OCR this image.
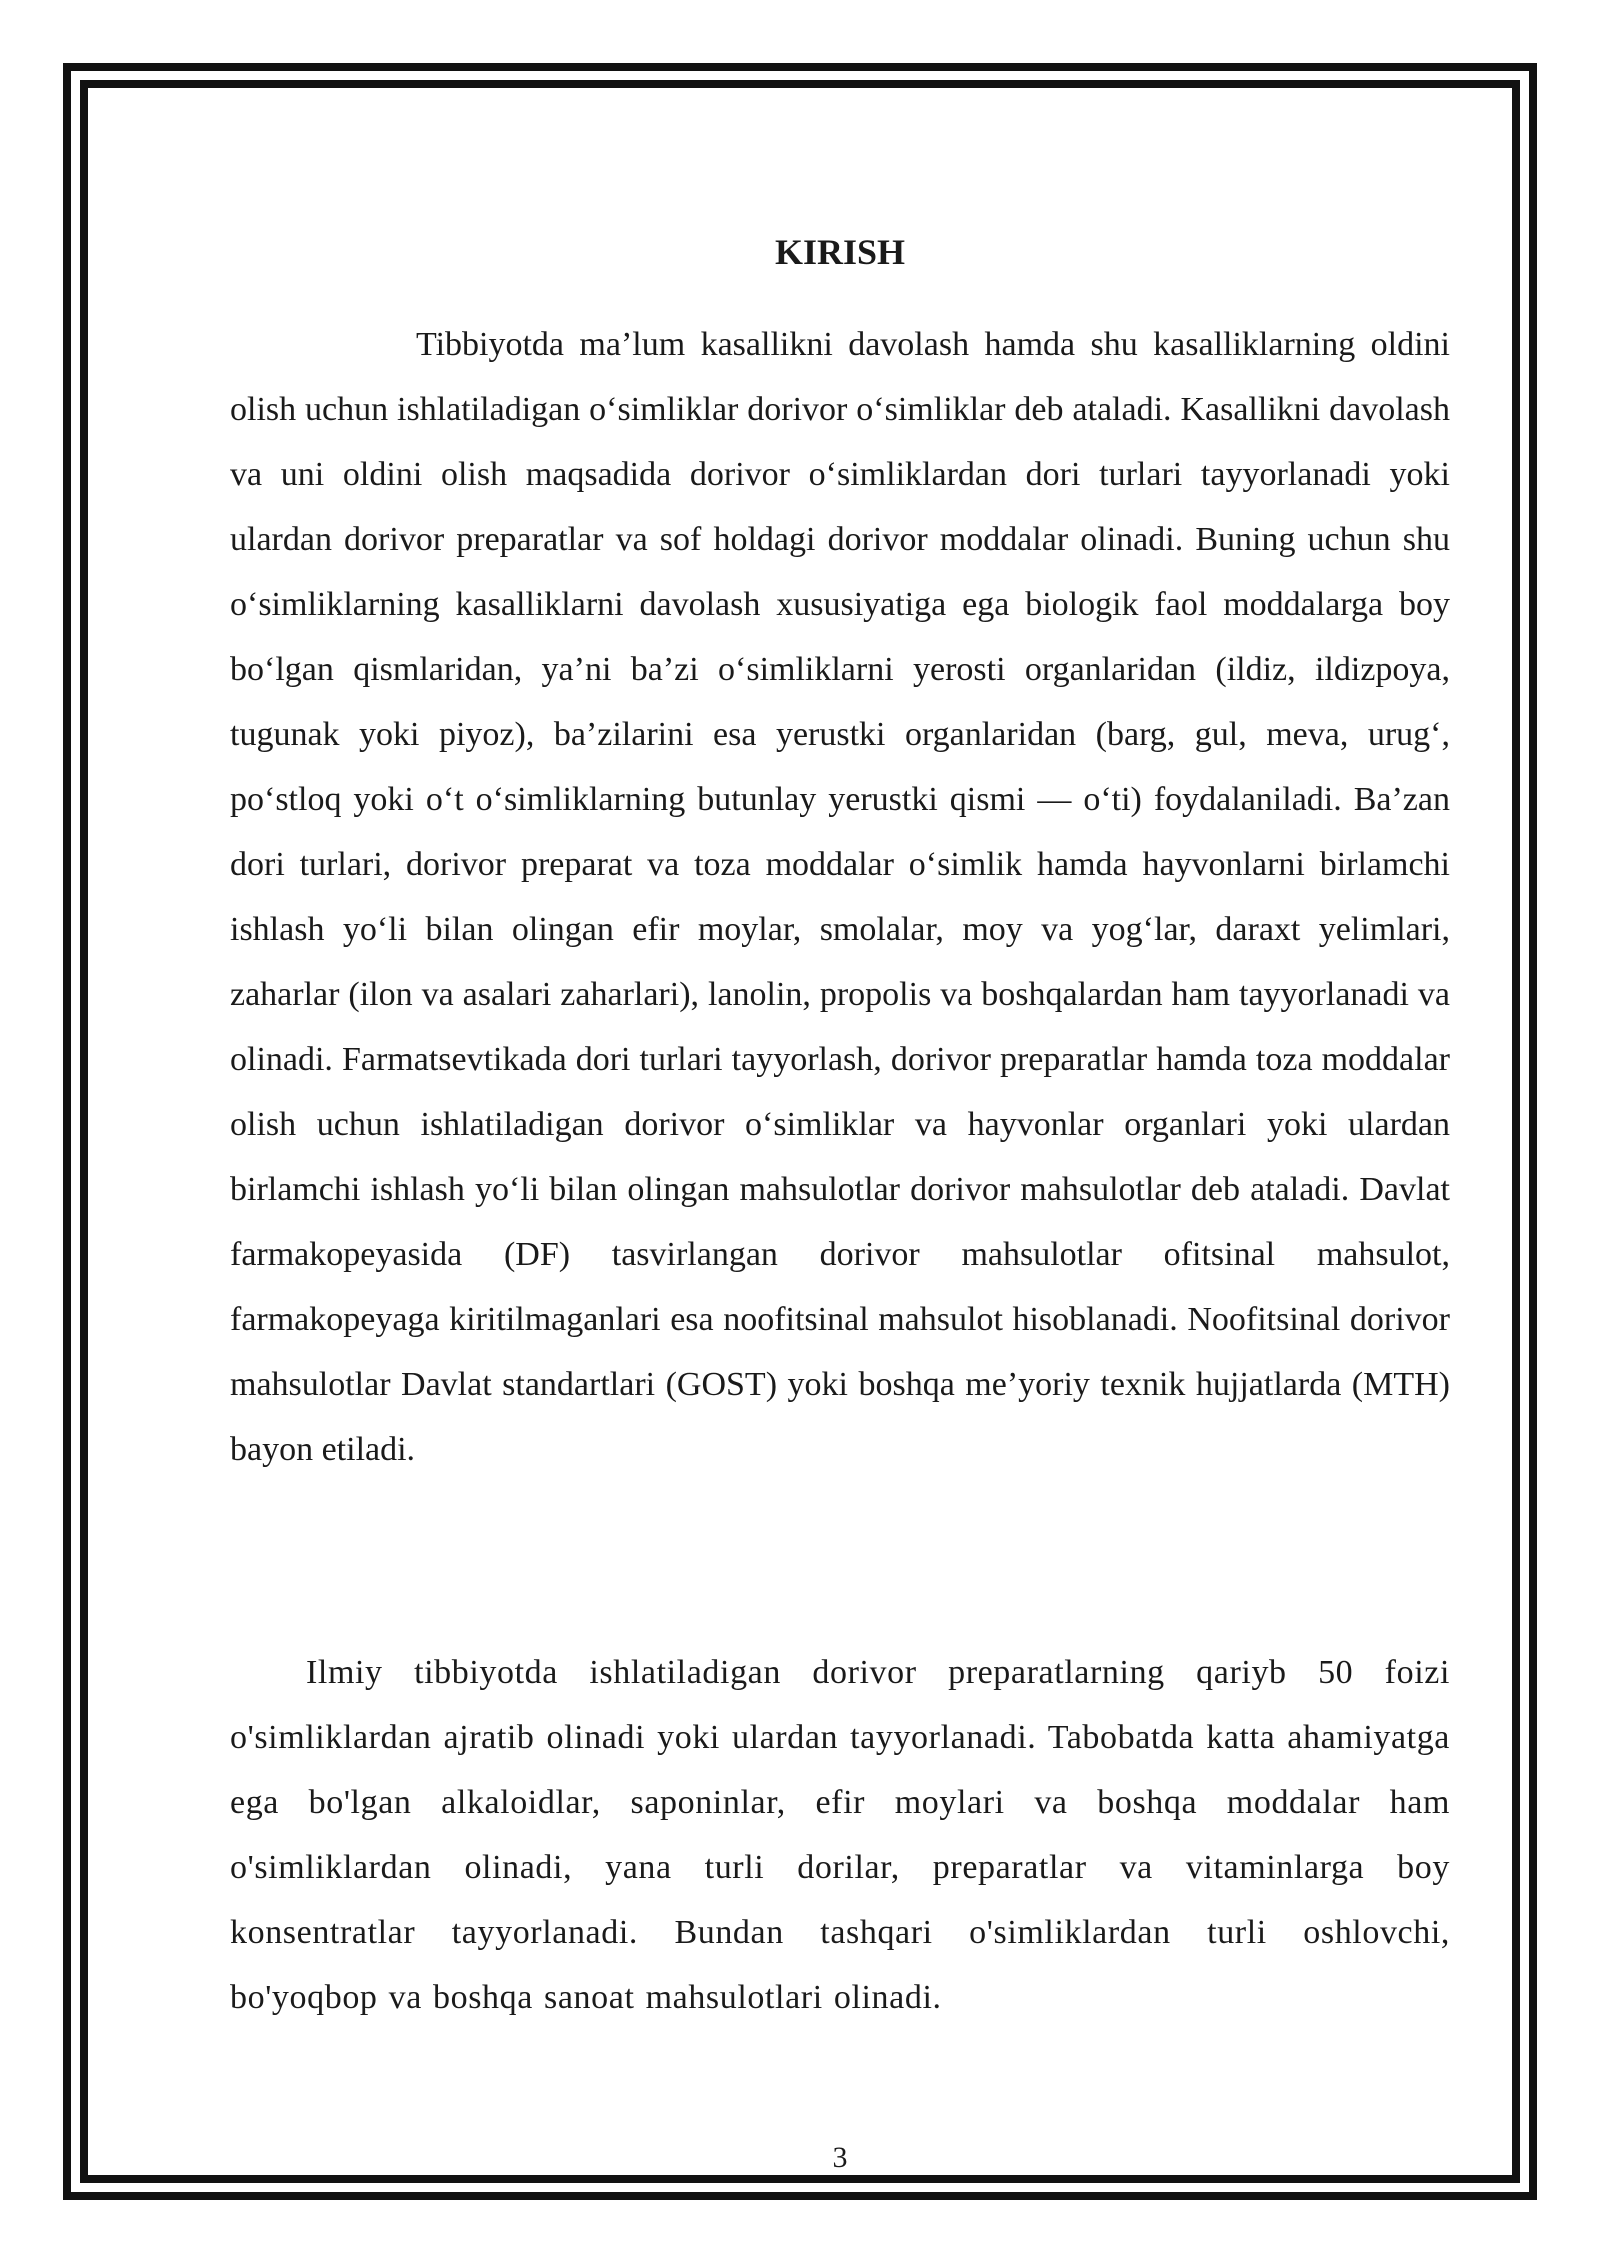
KIRISH

Tibbiyotda ma’lum kasallikni davolash hamda shu kasalliklarning oldini olish uchun ishlatiladigan o‘simliklar dorivor o‘simliklar deb ataladi. Kasallikni davolash va uni oldini olish maqsadida dorivor o‘simliklardan dori turlari tayyorlanadi yoki ulardan dorivor preparatlar va sof holdagi dorivor moddalar olinadi. Buning uchun shu o‘simliklarning kasalliklarni davolash xususiyatiga ega biologik faol moddalarga boy bo‘lgan qismlaridan, ya’ni ba’zi o‘simliklarni yerosti organlaridan (ildiz, ildizpoya, tugunak yoki piyoz), ba’zilarini esa yerustki organlaridan (barg, gul, meva, urug‘, po‘stloq yoki o‘t o‘simliklarning butunlay yerustki qismi — o‘ti) foydalaniladi. Ba’zan dori turlari, dorivor preparat va toza moddalar o‘simlik hamda hayvonlarni birlamchi ishlash yo‘li bilan olingan efir moylar, smolalar, moy va yog‘lar, daraxt yelimlari, zaharlar (ilon va asalari zaharlari), lanolin, propolis va boshqalardan ham tayyorlanadi va olinadi. Farmatsevtikada dori turlari tayyorlash, dorivor preparatlar hamda toza moddalar olish uchun ishlatiladigan dorivor o‘simliklar va hayvonlar organlari yoki ulardan birlamchi ishlash yo‘li bilan olingan mahsulotlar dorivor mahsulotlar deb ataladi. Davlat farmakopeyasida (DF) tasvirlangan dorivor mahsulotlar ofitsinal mahsulot, farmakopeyaga kiritilmaganlari esa noofitsinal mahsulot hisoblanadi. Noofitsinal dorivor mahsulotlar Davlat standartlari (GOST) yoki boshqa me’yoriy texnik hujjatlarda (MTH) bayon etiladi.

Ilmiy tibbiyotda ishlatiladigan dorivor preparatlarning qariyb 50 foizi o'simliklardan ajratib olinadi yoki ulardan tayyorlanadi. Tabobatda katta ahamiyatga ega bo'lgan alkaloidlar, saponinlar, efir moylari va boshqa moddalar ham o'simliklardan olinadi, yana turli dorilar, preparatlar va vitaminlarga boy konsentratlar tayyorlanadi. Bundan tashqari o'simliklardan turli oshlovchi, bo'yoqbop va boshqa sanoat mahsulotlari olinadi.

3
